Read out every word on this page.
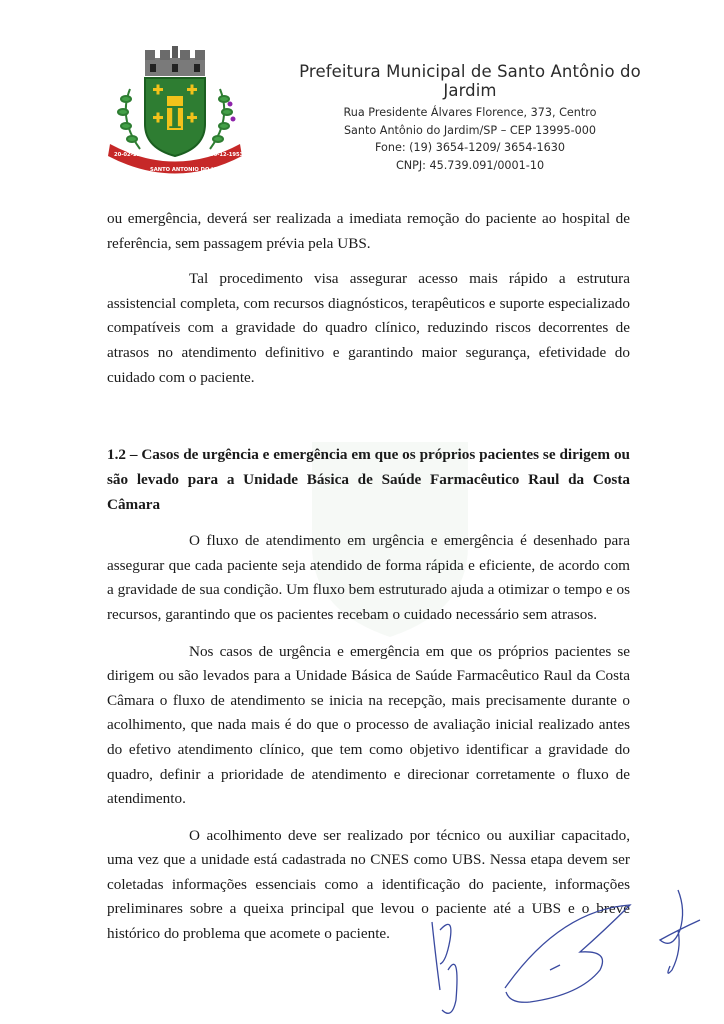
T
20-02-1901 SANTO ANTONIO DO JARDIM 30-12-1953
Prefeitura Municipal de Santo Antônio do Jardim
Rua Presidente Álvares Florence, 373, Centro
Santo Antônio do Jardim/SP – CEP 13995-000
Fone: (19) 3654-1209/ 3654-1630
CNPJ: 45.739.091/0001-10

ou emergência, deverá ser realizada a imediata remoção do paciente ao hospital de referência, sem passagem prévia pela UBS.

Tal procedimento visa assegurar acesso mais rápido a estrutura assistencial completa, com recursos diagnósticos, terapêuticos e suporte especializado compatíveis com a gravidade do quadro clínico, reduzindo riscos decorrentes de atrasos no atendimento definitivo e garantindo maior segurança, efetividade do cuidado com o paciente.

1.2 – Casos de urgência e emergência em que os próprios pacientes se dirigem ou são levado para a Unidade Básica de Saúde Farmacêutico Raul da Costa Câmara

O fluxo de atendimento em urgência e emergência é desenhado para assegurar que cada paciente seja atendido de forma rápida e eficiente, de acordo com a gravidade de sua condição. Um fluxo bem estruturado ajuda a otimizar o tempo e os recursos, garantindo que os pacientes recebam o cuidado necessário sem atrasos.

Nos casos de urgência e emergência em que os próprios pacientes se dirigem ou são levados para a Unidade Básica de Saúde Farmacêutico Raul da Costa Câmara o fluxo de atendimento se inicia na recepção, mais precisamente durante o acolhimento, que nada mais é do que o processo de avaliação inicial realizado antes do efetivo atendimento clínico, que tem como objetivo identificar a gravidade do quadro, definir a prioridade de atendimento e direcionar corretamente o fluxo de atendimento.

O acolhimento deve ser realizado por técnico ou auxiliar capacitado, uma vez que a unidade está cadastrada no CNES como UBS. Nessa etapa devem ser coletadas informações essenciais como a identificação do paciente, informações preliminares sobre a queixa principal que levou o paciente até a UBS e o breve histórico do problema que acomete o paciente.
